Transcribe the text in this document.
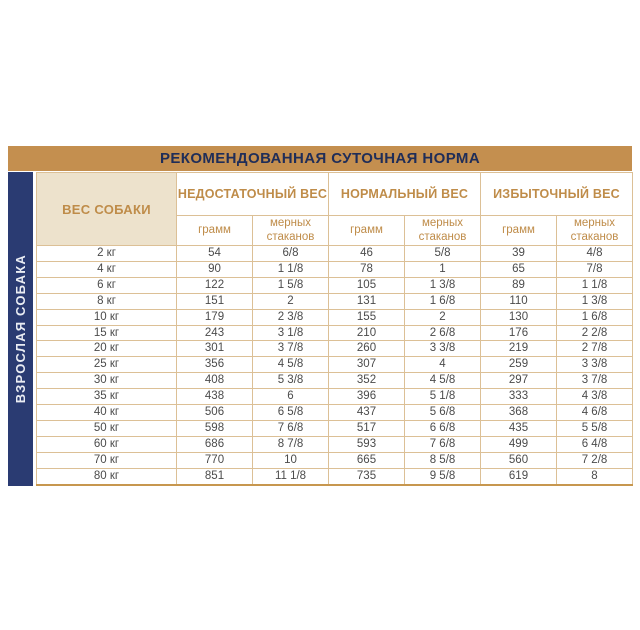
РЕКОМЕНДОВАННАЯ СУТОЧНАЯ НОРМА
ВЗРОСЛАЯ СОБАКА
ВЕС СОБАКИ	НЕДОСТАТОЧНЫЙ ВЕС		НОРМАЛЬНЫЙ ВЕС		ИЗБЫТОЧНЫЙ ВЕС	
	грамм	мерных стаканов	грамм	мерных стаканов	грамм	мерных стаканов
2 кг	54	6/8	46	5/8	39	4/8
4 кг	90	1 1/8	78	1	65	7/8
6 кг	122	1 5/8	105	1 3/8	89	1 1/8
8 кг	151	2	131	1 6/8	110	1 3/8
10 кг	179	2 3/8	155	2	130	1 6/8
15 кг	243	3 1/8	210	2 6/8	176	2 2/8
20 кг	301	3 7/8	260	3 3/8	219	2 7/8
25 кг	356	4 5/8	307	4	259	3 3/8
30 кг	408	5 3/8	352	4 5/8	297	3 7/8
35 кг	438	6	396	5 1/8	333	4 3/8
40 кг	506	6 5/8	437	5 6/8	368	4 6/8
50 кг	598	7 6/8	517	6 6/8	435	5 5/8
60 кг	686	8 7/8	593	7 6/8	499	6 4/8
70 кг	770	10	665	8 5/8	560	7 2/8
80 кг	851	11 1/8	735	9 5/8	619	8
